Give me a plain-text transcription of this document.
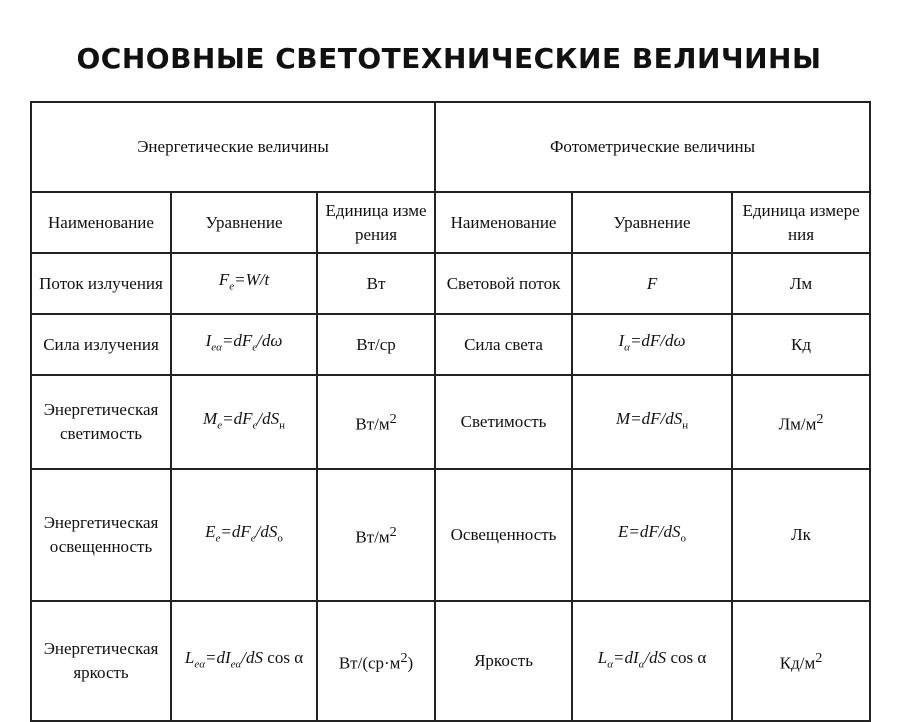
ОСНОВНЫЕ СВЕТОТЕХНИЧЕСКИЕ ВЕЛИЧИНЫ
Энергетические величины			Фотометрические величины		
Наименование	Уравнение	Единица измерения	Наименование	Уравнение	Единица измерения
Поток излучения	$F_e=W/t$	Вт	Световой поток	F	Лм
Сила излучения	$I_{e\alpha}=dF_e/d\omega$	Вт/ср	Сила света	$I_\alpha=dF/d\omega$	Кд
Энергетическая светимость	$M_e=dF_e/dS_н$	$Вт/м^2$	Светимость	$M=dF/dS_н$	$Лм/м^2$
Энергетическая освещенность	$E_e=dF_e/dS_о$	$Вт/м^2$	Освещенность	$E=dF/dS_о$	Лк
Энергетическая яркость	$L_{e\alpha}=dI_{e\alpha}/dS$ cos α	$Вт/(ср\cdot м^2)$	Яркость	$L_\alpha=dI_\alpha/dS$ cos α	$Кд/м^2$
